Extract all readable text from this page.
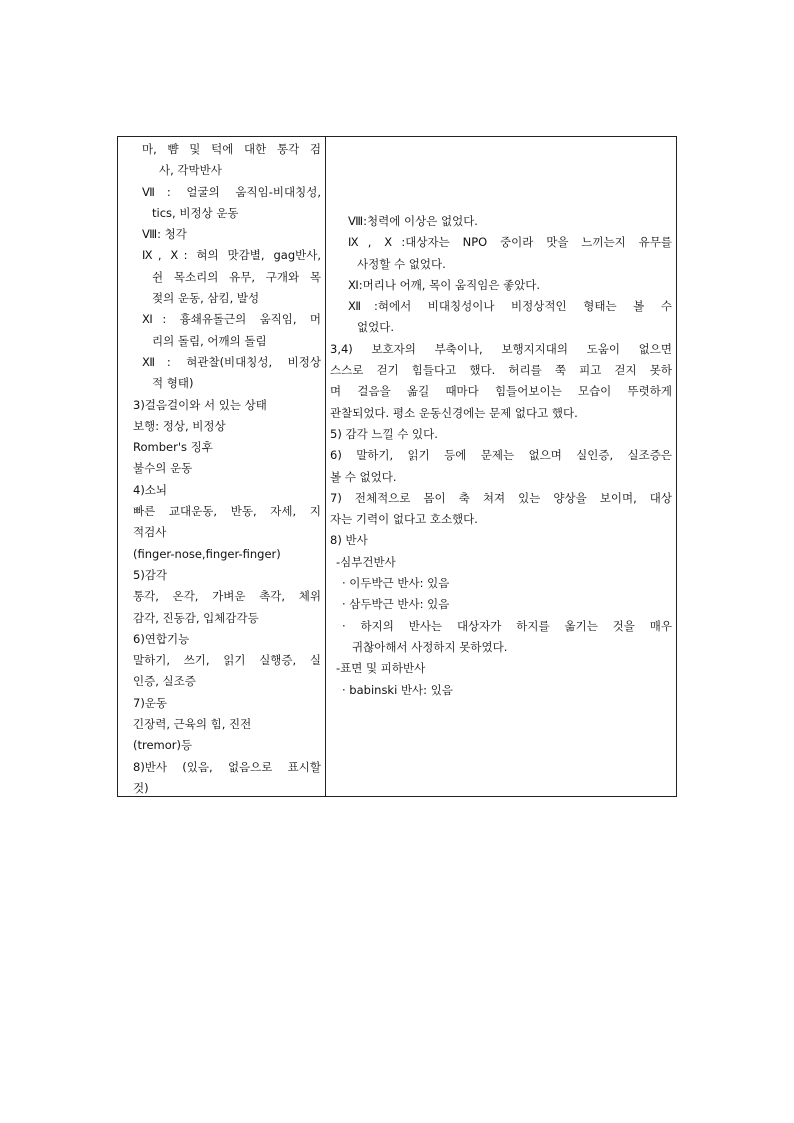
마, 뺨 및 턱에 대한 통각 검
사, 각막반사
Ⅶ: 얼굴의 움직임-비대칭성,
tics, 비정상 운동
Ⅷ: 청각
Ⅸ, Ⅹ: 혀의 맛감별, gag반사,
쉰 목소리의 유무, 구개와 목
젖의 운동, 삼킴, 발성
Ⅺ: 흉쇄유돌근의 움직임, 머
리의 돌림, 어깨의 돌림
Ⅻ: 혀관찰(비대칭성, 비정상
적 형태)
3)걸음걸이와 서 있는 상태
보행: 정상, 비정상
Romber's 징후
불수의 운동
4)소뇌
빠른 교대운동, 반동, 자세, 지
적검사
(finger-nose,finger-finger)
5)감각
통각, 온각, 가벼운 촉각, 체위
감각, 진동감, 입체감각등
6)연합기능
말하기, 쓰기, 읽기 실행증, 실
인증, 실조증
7)운동
긴장력, 근육의 힘, 진전
(tremor)등
8)반사 (있음, 없음으로 표시할
것)
Ⅷ:청력에 이상은 없었다.
Ⅸ, Ⅹ:대상자는 NPO 중이라 맛을 느끼는지 유무를
사정할 수 없었다.
Ⅺ:머리나 어깨, 목이 움직임은 좋았다.
Ⅻ:혀에서 비대칭성이나 비정상적인 형태는 볼 수
없었다.
3,4) 보호자의 부축이나, 보행지지대의 도움이 없으면
스스로 걷기 힘들다고 했다. 허리를 쭉 피고 걷지 못하
며 걸음을 옮길 때마다 힘들어보이는 모습이 뚜렷하게
관찰되었다. 평소 운동신경에는 문제 없다고 했다.
5) 감각 느낄 수 있다.
6) 말하기, 읽기 등에 문제는 없으며 실인증, 실조증은
볼 수 없었다.
7) 전체적으로 몸이 축 쳐져 있는 양상을 보이며, 대상
자는 기력이 없다고 호소했다.
8) 반사
-심부건반사
· 이두박근 반사: 있음
· 삼두박근 반사: 있음
· 하지의 반사는 대상자가 하지를 옮기는 것을 매우
귀찮아해서 사정하지 못하였다.
-표면 및 피하반사
· babinski 반사: 있음
